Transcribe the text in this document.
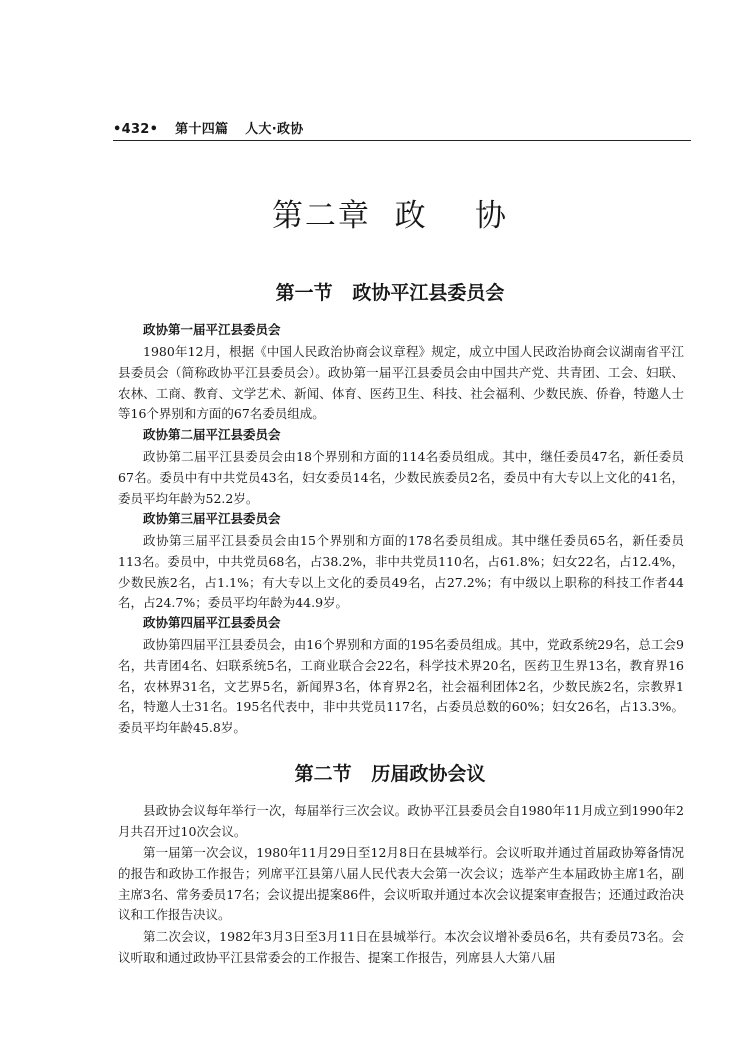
•432• 第十四篇 人大·政协
第二章  政    协
第一节   政协平江县委员会
政协第一届平江县委员会

1980年12月，根据《中国人民政治协商会议章程》规定，成立中国人民政治协商会议湖南省平江县委员会（简称政协平江县委员会）。政协第一届平江县委员会由中国共产党、共青团、工会、妇联、农林、工商、教育、文学艺术、新闻、体育、医药卫生、科技、社会福利、少数民族、侨眷，特邀人士等16个界别和方面的67名委员组成。

政协第二届平江县委员会

政协第二届平江县委员会由18个界别和方面的114名委员组成。其中，继任委员47名，新任委员67名。委员中有中共党员43名，妇女委员14名，少数民族委员2名，委员中有大专以上文化的41名，委员平均年龄为52.2岁。

政协第三届平江县委员会

政协第三届平江县委员会由15个界别和方面的178名委员组成。其中继任委员65名，新任委员113名。委员中，中共党员68名，占38.2%，非中共党员110名，占61.8%；妇女22名，占12.4%，少数民族2名，占1.1%；有大专以上文化的委员49名，占27.2%；有中级以上职称的科技工作者44名，占24.7%；委员平均年龄为44.9岁。

政协第四届平江县委员会

政协第四届平江县委员会，由16个界别和方面的195名委员组成。其中，党政系统29名，总工会9名，共青团4名、妇联系统5名，工商业联合会22名，科学技术界20名，医药卫生界13名，教育界16名，农林界31名，文艺界5名，新闻界3名，体育界2名，社会福利团体2名，少数民族2名，宗教界1名，特邀人士31名。195名代表中，非中共党员117名，占委员总数的60%；妇女26名，占13.3%。委员平均年龄45.8岁。

第二节   历届政协会议

县政协会议每年举行一次，每届举行三次会议。政协平江县委员会自1980年11月成立到1990年2月共召开过10次会议。

第一届第一次会议，1980年11月29日至12月8日在县城举行。会议听取并通过首届政协筹备情况的报告和政协工作报告；列席平江县第八届人民代表大会第一次会议；选举产生本届政协主席1名，副主席3名、常务委员17名；会议提出提案86件，会议听取并通过本次会议提案审查报告；还通过政治决议和工作报告决议。

第二次会议，1982年3月3日至3月11日在县城举行。本次会议增补委员6名，共有委员73名。会议听取和通过政协平江县常委会的工作报告、提案工作报告，列席县人大第八届
